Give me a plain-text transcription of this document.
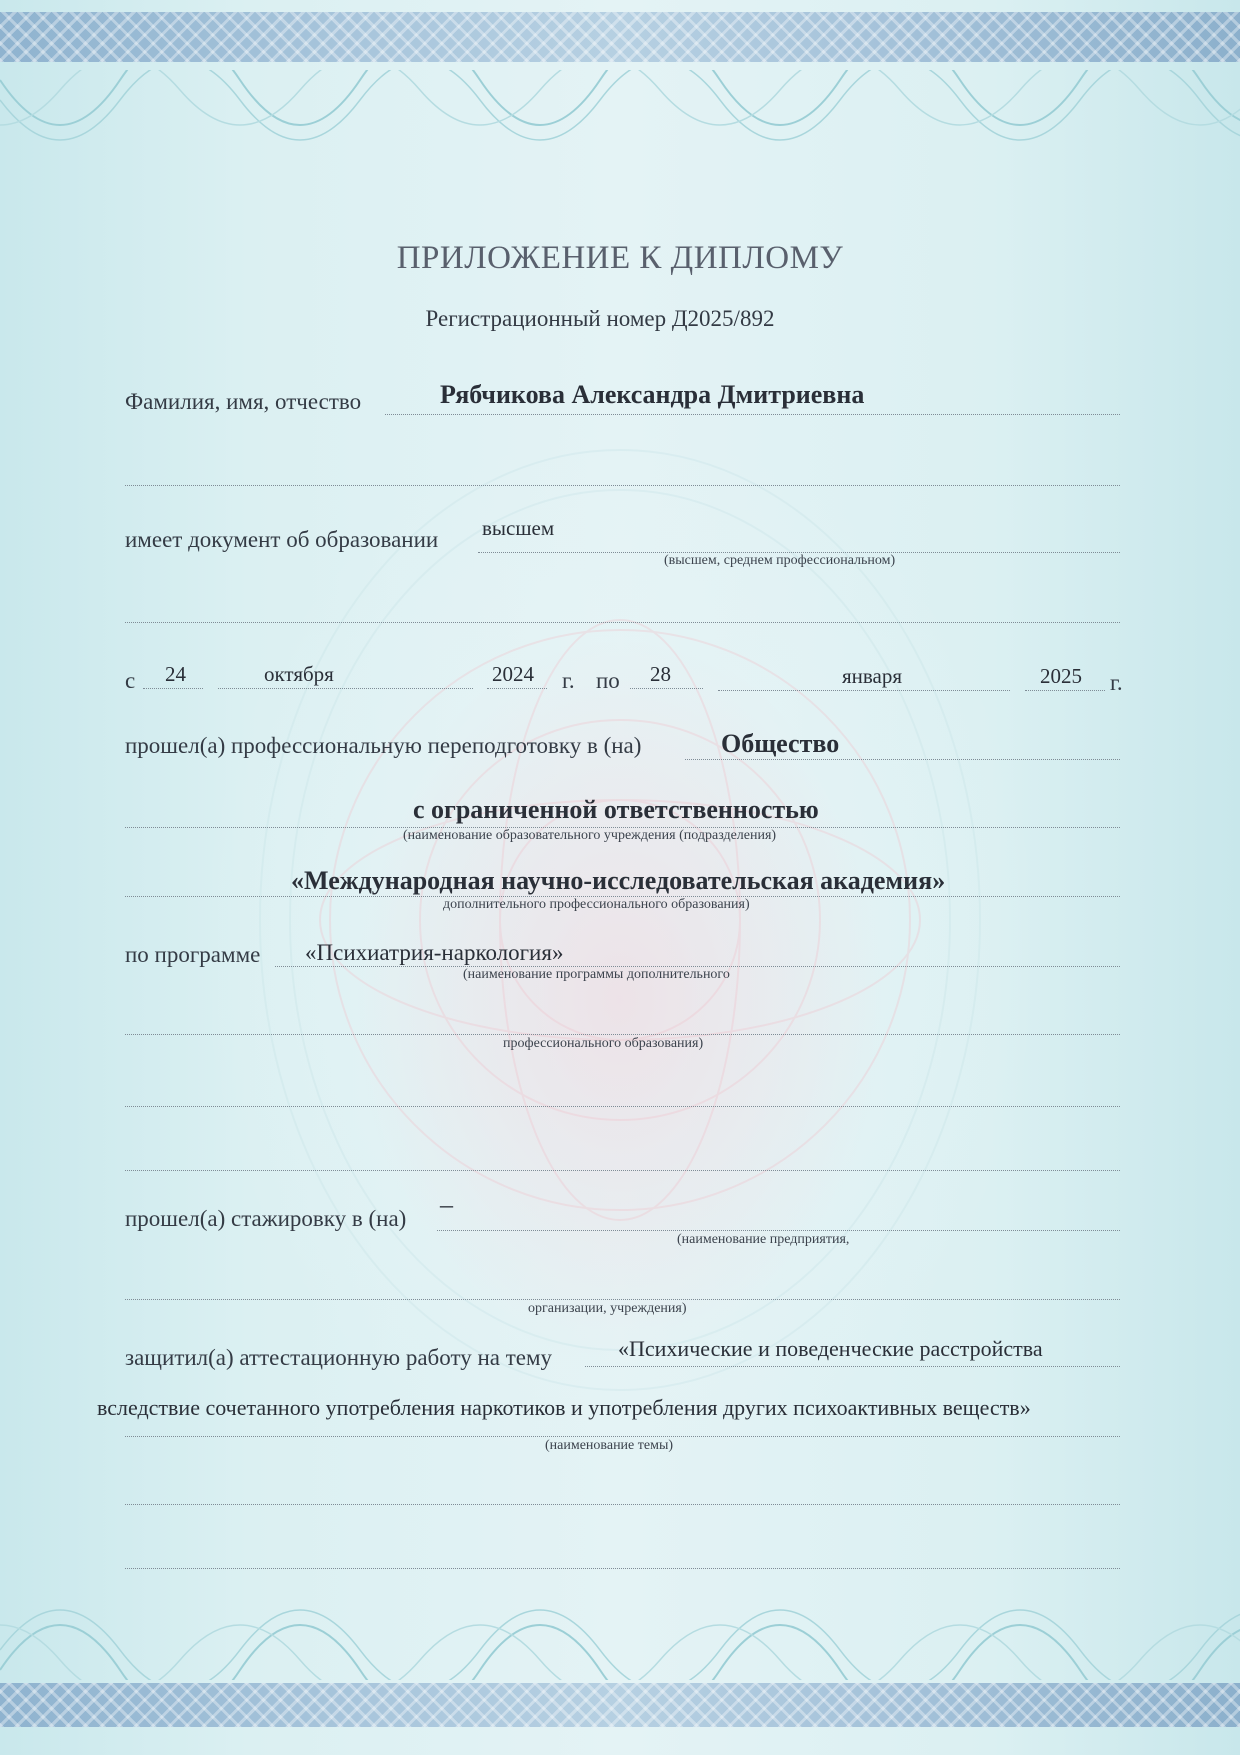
ПРИЛОЖЕНИЕ К ДИПЛОМУ
Регистрационный номер Д2025/892
Фамилия, имя, отчество	Рябчикова Александра Дмитриевна
имеет документ об образовании высшем
(высшем, среднем профессиональном)
с 24	октября	2024 г. по 28	января	2025 г.
прошел(а) профессиональную переподготовку в (на)	Общество
с ограниченной ответственностью
(наименование образовательного учреждения (подразделения)
«Международная научно-исследовательская академия»
дополнительного профессионального образования)
по программе «Психиатрия-наркология»
(наименование программы дополнительного
профессионального образования)
прошел(а) стажировку в (на) –
(наименование предприятия,
организации, учреждения)
защитил(а) аттестационную работу на тему	«Психические и поведенческие расстройства
вследствие сочетанного употребления наркотиков и употребления других психоактивных веществ»
(наименование темы)
